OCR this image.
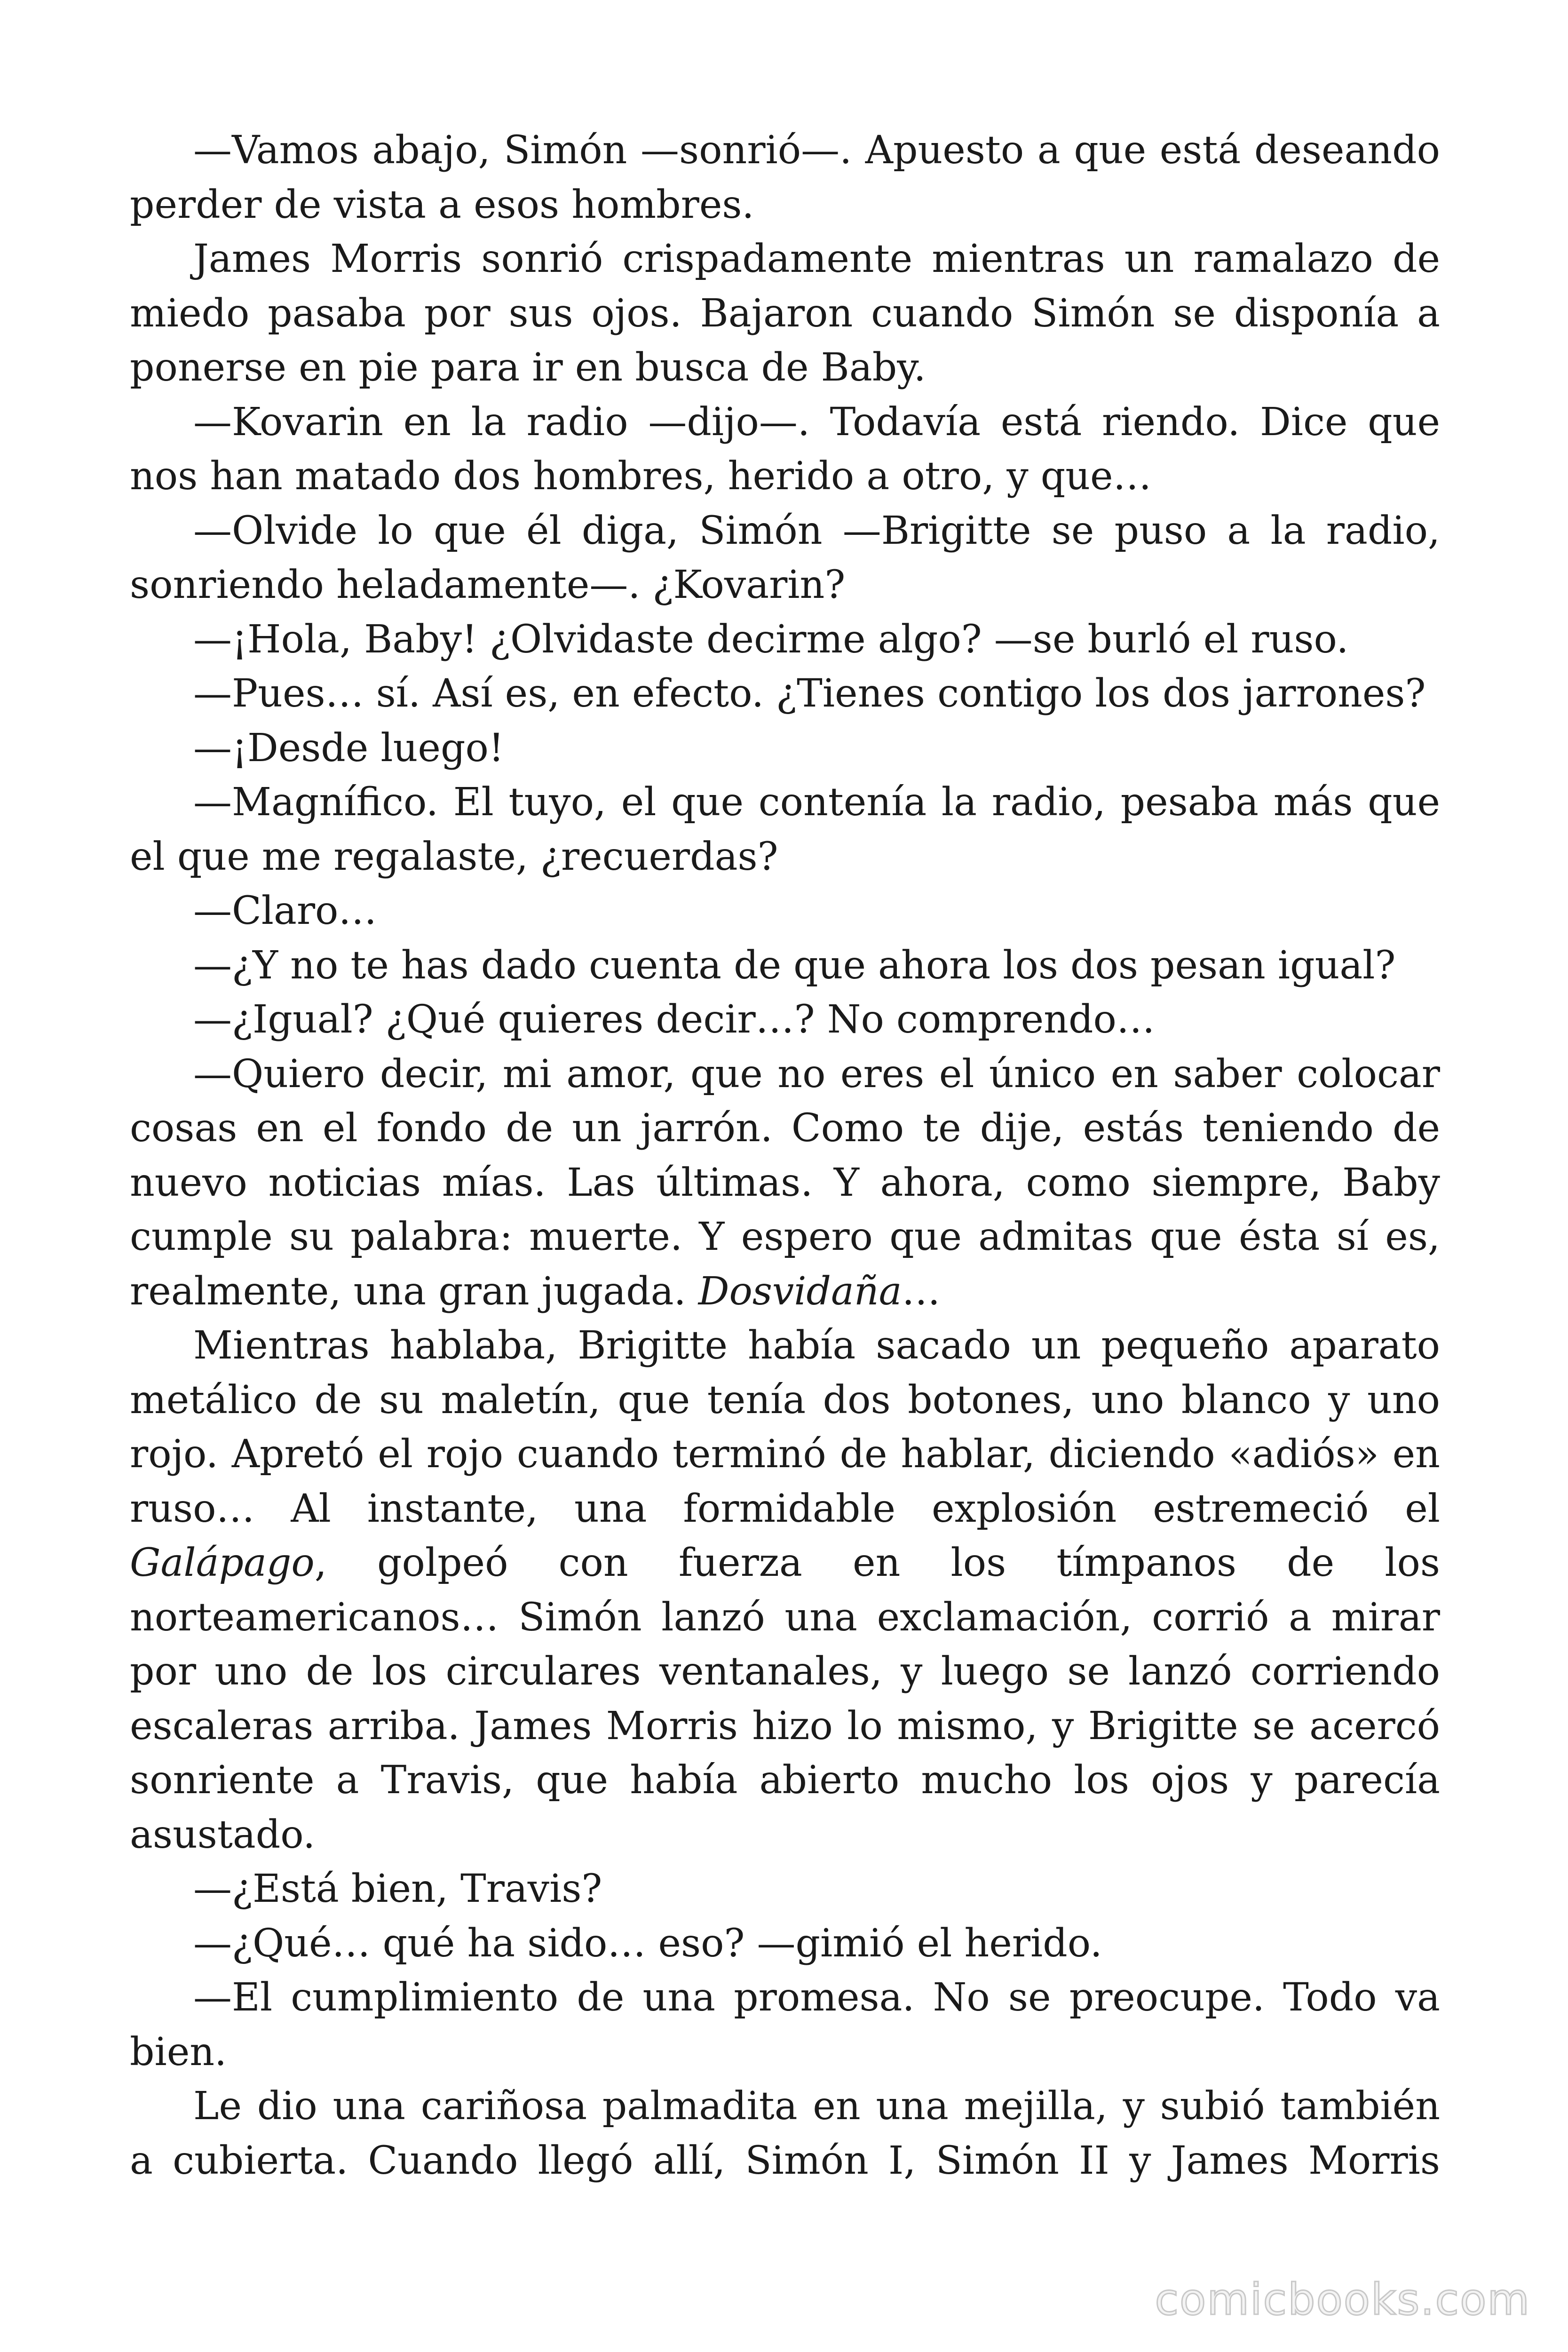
—Vamos abajo, Simón —sonrió—. Apuesto a que está deseando perder de vista a esos hombres.

James Morris sonrió crispadamente mientras un ramalazo de miedo pasaba por sus ojos. Bajaron cuando Simón se disponía a ponerse en pie para ir en busca de Baby.

—Kovarin en la radio —dijo—. Todavía está riendo. Dice que nos han matado dos hombres, herido a otro, y que…

—Olvide lo que él diga, Simón —Brigitte se puso a la radio, sonriendo heladamente—. ¿Kovarin?

—¡Hola, Baby! ¿Olvidaste decirme algo? —se burló el ruso.

—Pues… sí. Así es, en efecto. ¿Tienes contigo los dos jarrones?

—¡Desde luego!

—Magnífico. El tuyo, el que contenía la radio, pesaba más que el que me regalaste, ¿recuerdas?

—Claro…

—¿Y no te has dado cuenta de que ahora los dos pesan igual?

—¿Igual? ¿Qué quieres decir…? No comprendo…

—Quiero decir, mi amor, que no eres el único en saber colocar cosas en el fondo de un jarrón. Como te dije, estás teniendo de nuevo noticias mías. Las últimas. Y ahora, como siempre, Baby cumple su palabra: muerte. Y espero que admitas que ésta sí es, realmente, una gran jugada. Dosvidaña…

Mientras hablaba, Brigitte había sacado un pequeño aparato metálico de su maletín, que tenía dos botones, uno blanco y uno rojo. Apretó el rojo cuando terminó de hablar, diciendo «adiós» en ruso… Al instante, una formidable explosión estremeció el Galápago, golpeó con fuerza en los tímpanos de los norteamericanos… Simón lanzó una exclamación, corrió a mirar por uno de los circulares ventanales, y luego se lanzó corriendo escaleras arriba. James Morris hizo lo mismo, y Brigitte se acercó sonriente a Travis, que había abierto mucho los ojos y parecía asustado.

—¿Está bien, Travis?

—¿Qué… qué ha sido… eso? —gimió el herido.

—El cumplimiento de una promesa. No se preocupe. Todo va bien.

Le dio una cariñosa palmadita en una mejilla, y subió también a cubierta. Cuando llegó allí, Simón I, Simón II y James Morris

comicbooks.com
